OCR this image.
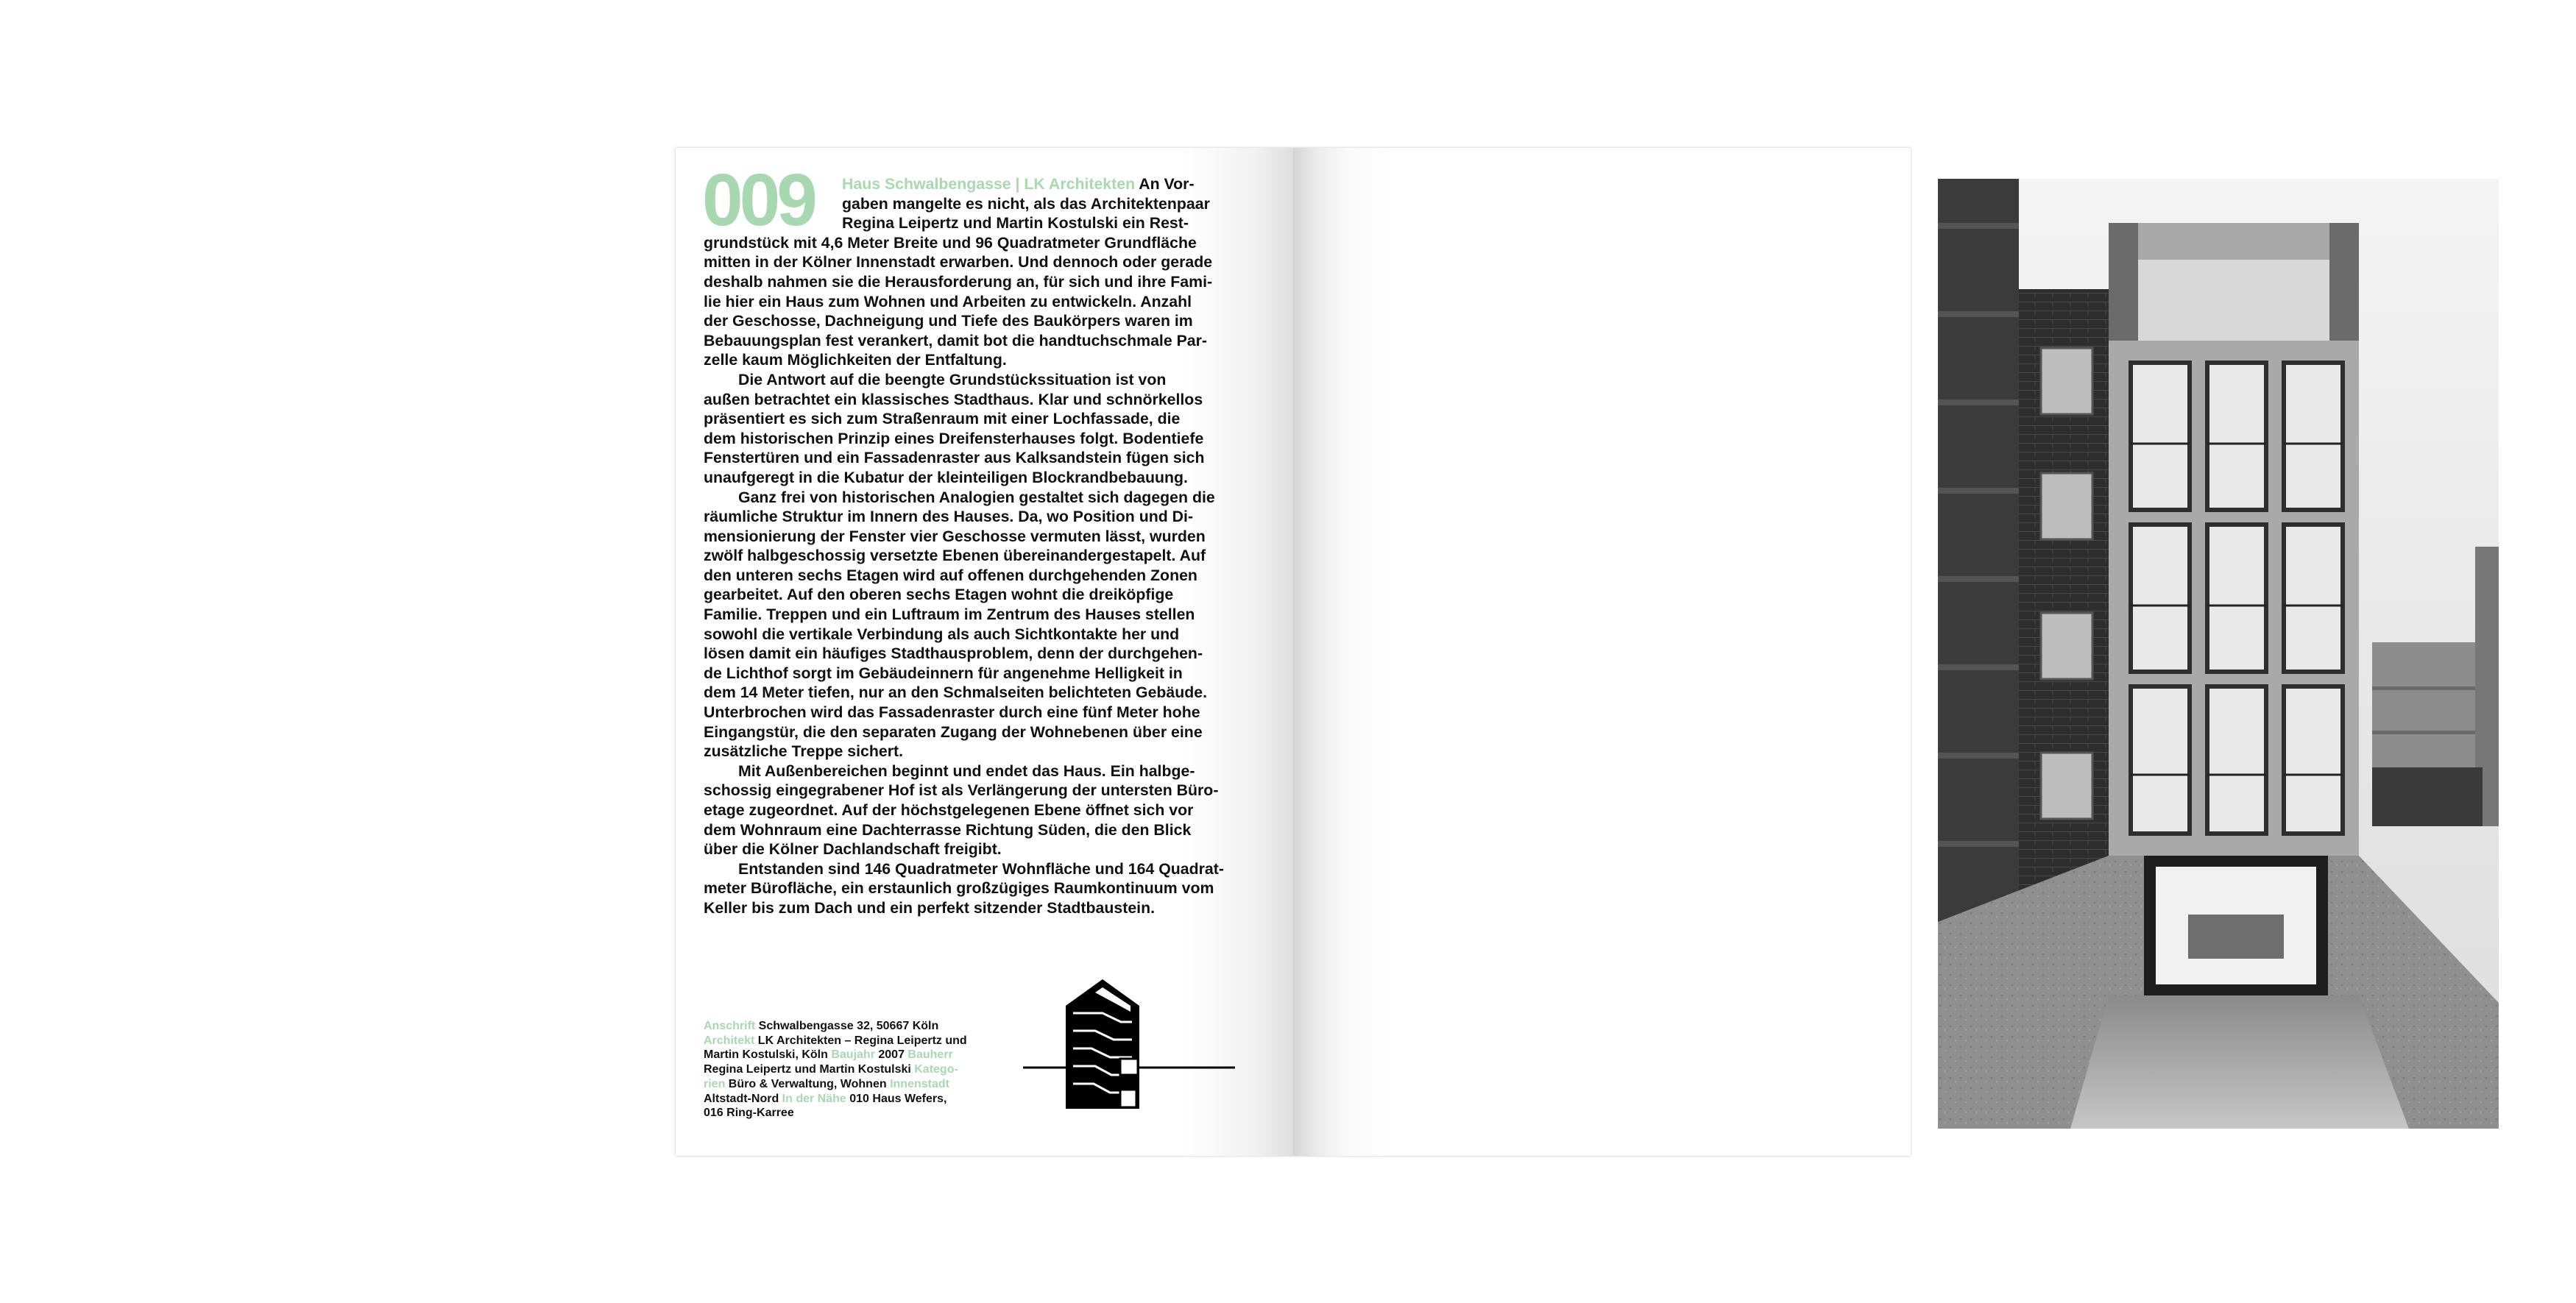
009	Haus Schwalbengasse | LK Architekten An Vor-
gaben mangelte es nicht, als das Architektenpaar
Regina Leipertz und Martin Kostulski ein Rest-
grundstück mit 4,6 Meter Breite und 96 Quadratmeter Grundfläche
mitten in der Kölner Innenstadt erwarben. Und dennoch oder gerade
deshalb nahmen sie die Herausforderung an, für sich und ihre Fami-
lie hier ein Haus zum Wohnen und Arbeiten zu entwickeln. Anzahl
der Geschosse, Dachneigung und Tiefe des Baukörpers waren im
Bebauungsplan fest verankert, damit bot die handtuchschmale Par-
zelle kaum Möglichkeiten der Entfaltung.
Die Antwort auf die beengte Grundstückssituation ist von
außen betrachtet ein klassisches Stadthaus. Klar und schnörkellos
präsentiert es sich zum Straßenraum mit einer Lochfassade, die
dem historischen Prinzip eines Dreifensterhauses folgt. Bodentiefe
Fenstertüren und ein Fassadenraster aus Kalksandstein fügen sich
unaufgeregt in die Kubatur der kleinteiligen Blockrandbebauung.
Ganz frei von historischen Analogien gestaltet sich dagegen die
räumliche Struktur im Innern des Hauses. Da, wo Position und Di-
mensionierung der Fenster vier Geschosse vermuten lässt, wurden
zwölf halbgeschossig versetzte Ebenen übereinandergestapelt. Auf
den unteren sechs Etagen wird auf offenen durchgehenden Zonen
gearbeitet. Auf den oberen sechs Etagen wohnt die dreiköpfige
Familie. Treppen und ein Luftraum im Zentrum des Hauses stellen
sowohl die vertikale Verbindung als auch Sichtkontakte her und
lösen damit ein häufiges Stadthausproblem, denn der durchgehen-
de Lichthof sorgt im Gebäudeinnern für angenehme Helligkeit in
dem 14 Meter tiefen, nur an den Schmalseiten belichteten Gebäude.
Unterbrochen wird das Fassadenraster durch eine fünf Meter hohe
Eingangstür, die den separaten Zugang der Wohnebenen über eine
zusätzliche Treppe sichert.
Mit Außenbereichen beginnt und endet das Haus. Ein halbge-
schossig eingegrabener Hof ist als Verlängerung der untersten Büro-
etage zugeordnet. Auf der höchstgelegenen Ebene öffnet sich vor
dem Wohnraum eine Dachterrasse Richtung Süden, die den Blick
über die Kölner Dachlandschaft freigibt.
Entstanden sind 146 Quadratmeter Wohnfläche und 164 Quadrat-
meter Bürofläche, ein erstaunlich großzügiges Raumkontinuum vom
Keller bis zum Dach und ein perfekt sitzender Stadtbaustein.
Anschrift Schwalbengasse 32, 50667 Köln
Architekt LK Architekten – Regina Leipertz und
Martin Kostulski, Köln Baujahr 2007 Bauherr
Regina Leipertz und Martin Kostulski Katego-
rien Büro & Verwaltung, Wohnen Innenstadt
Altstadt-Nord In der Nähe 010 Haus Wefers,
016 Ring-Karree
